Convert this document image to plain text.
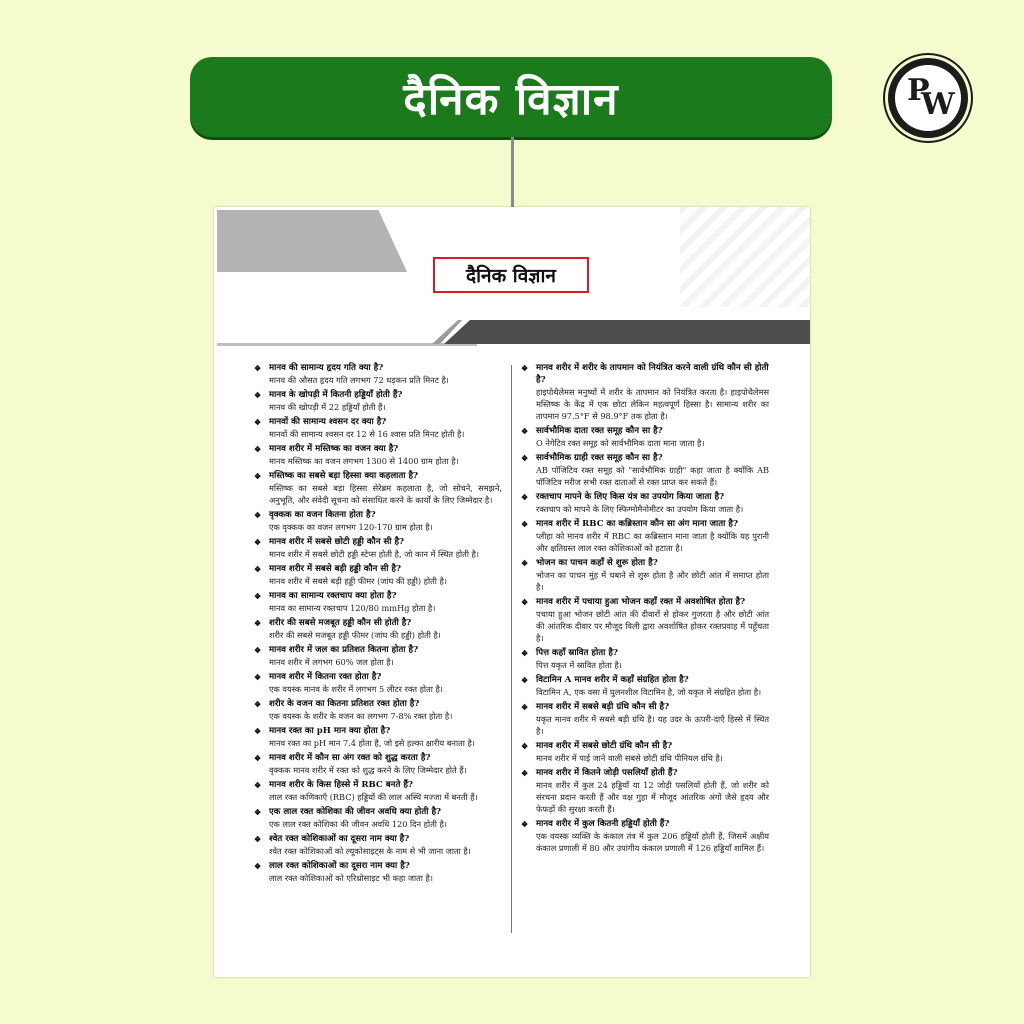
दैनिक विज्ञान	P
W
दैनिक विज्ञान
❖ मानव की सामान्य हृदय गति क्या है?
मानव की औसत हृदय गति लगभग 72 धड़कन प्रति मिनट है।
❖ मानव के खोपड़ी में कितनी हड्डियाँ होती हैं?
मानव की खोपड़ी में 22 हड्डियाँ होती हैं।
❖ मानवों की सामान्य श्वसन दर क्या है?
मानवों की सामान्य श्वसन दर 12 से 16 श्वास प्रति मिनट होती है।
❖ मानव शरीर में मस्तिष्क का वजन क्या है?
मानव मस्तिष्क का वजन लगभग 1300 से 1400 ग्राम होता है।
❖ मस्तिष्क का सबसे बड़ा हिस्सा क्या कहलाता है?
मस्तिष्क का सबसे बड़ा हिस्सा सेरेब्रम कहलाता है, जो सोचने, समझने, अनुभूति, और संवेदी सूचना को संसाधित करने के कार्यों के लिए जिम्मेदार है।
❖ वृक्कक का वजन कितना होता है?
एक वृक्कक का वजन लगभग 120-170 ग्राम होता है।
❖ मानव शरीर में सबसे छोटी हड्डी कौन सी है?
मानव शरीर में सबसे छोटी हड्डी स्टेप्स होती है, जो कान में स्थित होती है।
❖ मानव शरीर में सबसे बड़ी हड्डी कौन सी है?
मानव शरीर में सबसे बड़ी हड्डी फीमर (जांघ की हड्डी) होती है।
❖ मानव का सामान्य रक्तचाप क्या होता है?
मानव का सामान्य रक्तचाप 120/80 mmHg होता है।
❖ शरीर की सबसे मजबूत हड्डी कौन सी होती है?
शरीर की सबसे मजबूत हड्डी फीमर (जांघ की हड्डी) होती है।
❖ मानव शरीर में जल का प्रतिशत कितना होता है?
मानव शरीर में लगभग 60% जल होता है।
❖ मानव शरीर में कितना रक्त होता है?
एक वयस्क मानव के शरीर में लगभग 5 लीटर रक्त होता है।
❖ शरीर के वजन का कितना प्रतिशत रक्त होता है?
एक वयस्क के शरीर के वजन का लगभग 7-8% रक्त होता है।
❖ मानव रक्त का pH मान क्या होता है?
मानव रक्त का pH मान 7.4 होता है, जो इसे हल्का क्षारीय बनाता है।
❖ मानव शरीर में कौन सा अंग रक्त को शुद्ध करता है?
वृक्कक मानव शरीर में रक्त को शुद्ध करने के लिए जिम्मेदार होते हैं।
❖ मानव शरीर के किस हिस्से में RBC बनते हैं?
लाल रक्त कणिकाएँ (RBC) हड्डियों की लाल अस्थि मज्जा में बनती हैं।
❖ एक लाल रक्त कोशिका की जीवन अवधि क्या होती है?
एक लाल रक्त कोशिका की जीवन अवधि 120 दिन होती है।
❖ श्वेत रक्त कोशिकाओं का दूसरा नाम क्या है?
श्वेत रक्त कोशिकाओं को ल्यूकोसाइट्स के नाम से भी जाना जाता है।
❖ लाल रक्त कोशिकाओं का दूसरा नाम क्या है?
लाल रक्त कोशिकाओं को एरिथ्रोसाइट भी कहा जाता है।
❖ मानव शरीर में शरीर के तापमान को नियंत्रित करने वाली ग्रंथि कौन सी होती है?
हाइपोथैलेमस मनुष्यों में शरीर के तापमान को नियंत्रित करता है। हाइपोथैलेमस मस्तिष्क के केंद्र में एक छोटा लेकिन महत्वपूर्ण हिस्सा है। सामान्य शरीर का तापमान 97.5°F से 98.9°F तक होता है।
❖ सार्वभौमिक दाता रक्त समूह कौन सा है?
O नेगेटिव रक्त समूह को सार्वभौमिक दाता माना जाता है।
❖ सार्वभौमिक ग्राही रक्त समूह कौन सा है?
AB पॉजिटिव रक्त समूह को "सार्वभौमिक ग्राही" कहा जाता है क्योंकि AB पॉजिटिव मरीज सभी रक्त दाताओं से रक्त प्राप्त कर सकते हैं।
❖ रक्तचाप मापने के लिए किस यंत्र का उपयोग किया जाता है?
रक्तचाप को मापने के लिए स्फिग्मोमैनोमीटर का उपयोग किया जाता है।
❖ मानव शरीर में RBC का कब्रिस्तान कौन सा अंग माना जाता है?
प्लीहा को मानव शरीर में RBC का कब्रिस्तान माना जाता है क्योंकि यह पुरानी और क्षतिग्रस्त लाल रक्त कोशिकाओं को हटाता है।
❖ भोजन का पाचन कहाँ से शुरू होता है?
भोजन का पाचन मुंह में चबाने से शुरू होता है और छोटी आंत में समाप्त होता है।
❖ मानव शरीर में पचाया हुआ भोजन कहाँ रक्त में अवशोषित होता है?
पचाया हुआ भोजन छोटी आंत की दीवारों से होकर गुजरता है और छोटी आंत की आंतरिक दीवार पर मौजूद विली द्वारा अवशोषित होकर रक्तप्रवाह में पहुँचता है।
❖ पित्त कहाँ स्रावित होता है?
पित्त यकृत में स्रावित होता है।
❖ विटामिन A मानव शरीर में कहाँ संग्रहित होता है?
विटामिन A, एक वसा में घुलनशील विटामिन है, जो यकृत में संग्रहित होता है।
❖ मानव शरीर में सबसे बड़ी ग्रंथि कौन सी है?
यकृत मानव शरीर में सबसे बड़ी ग्रंथि है। यह उदर के ऊपरी-दाएँ हिस्से में स्थित है।
❖ मानव शरीर में सबसे छोटी ग्रंथि कौन सी है?
मानव शरीर में पाई जाने वाली सबसे छोटी ग्रंथि पीनियल ग्रंथि है।
❖ मानव शरीर में कितने जोड़ी पसलियाँ होती हैं?
मानव शरीर में कुल 24 हड्डियाँ या 12 जोड़ी पसलियाँ होती हैं, जो शरीर को संरचना प्रदान करती हैं और वक्ष गुहा में मौजूद आंतरिक अंगों जैसे हृदय और फेफड़ों की सुरक्षा करती हैं।
❖ मानव शरीर में कुल कितनी हड्डियाँ होती हैं?
एक वयस्क व्यक्ति के कंकाल तंत्र में कुल 206 हड्डियाँ होती हैं, जिसमें अक्षीय कंकाल प्रणाली में 80 और उपांगीय कंकाल प्रणाली में 126 हड्डियाँ शामिल हैं।
